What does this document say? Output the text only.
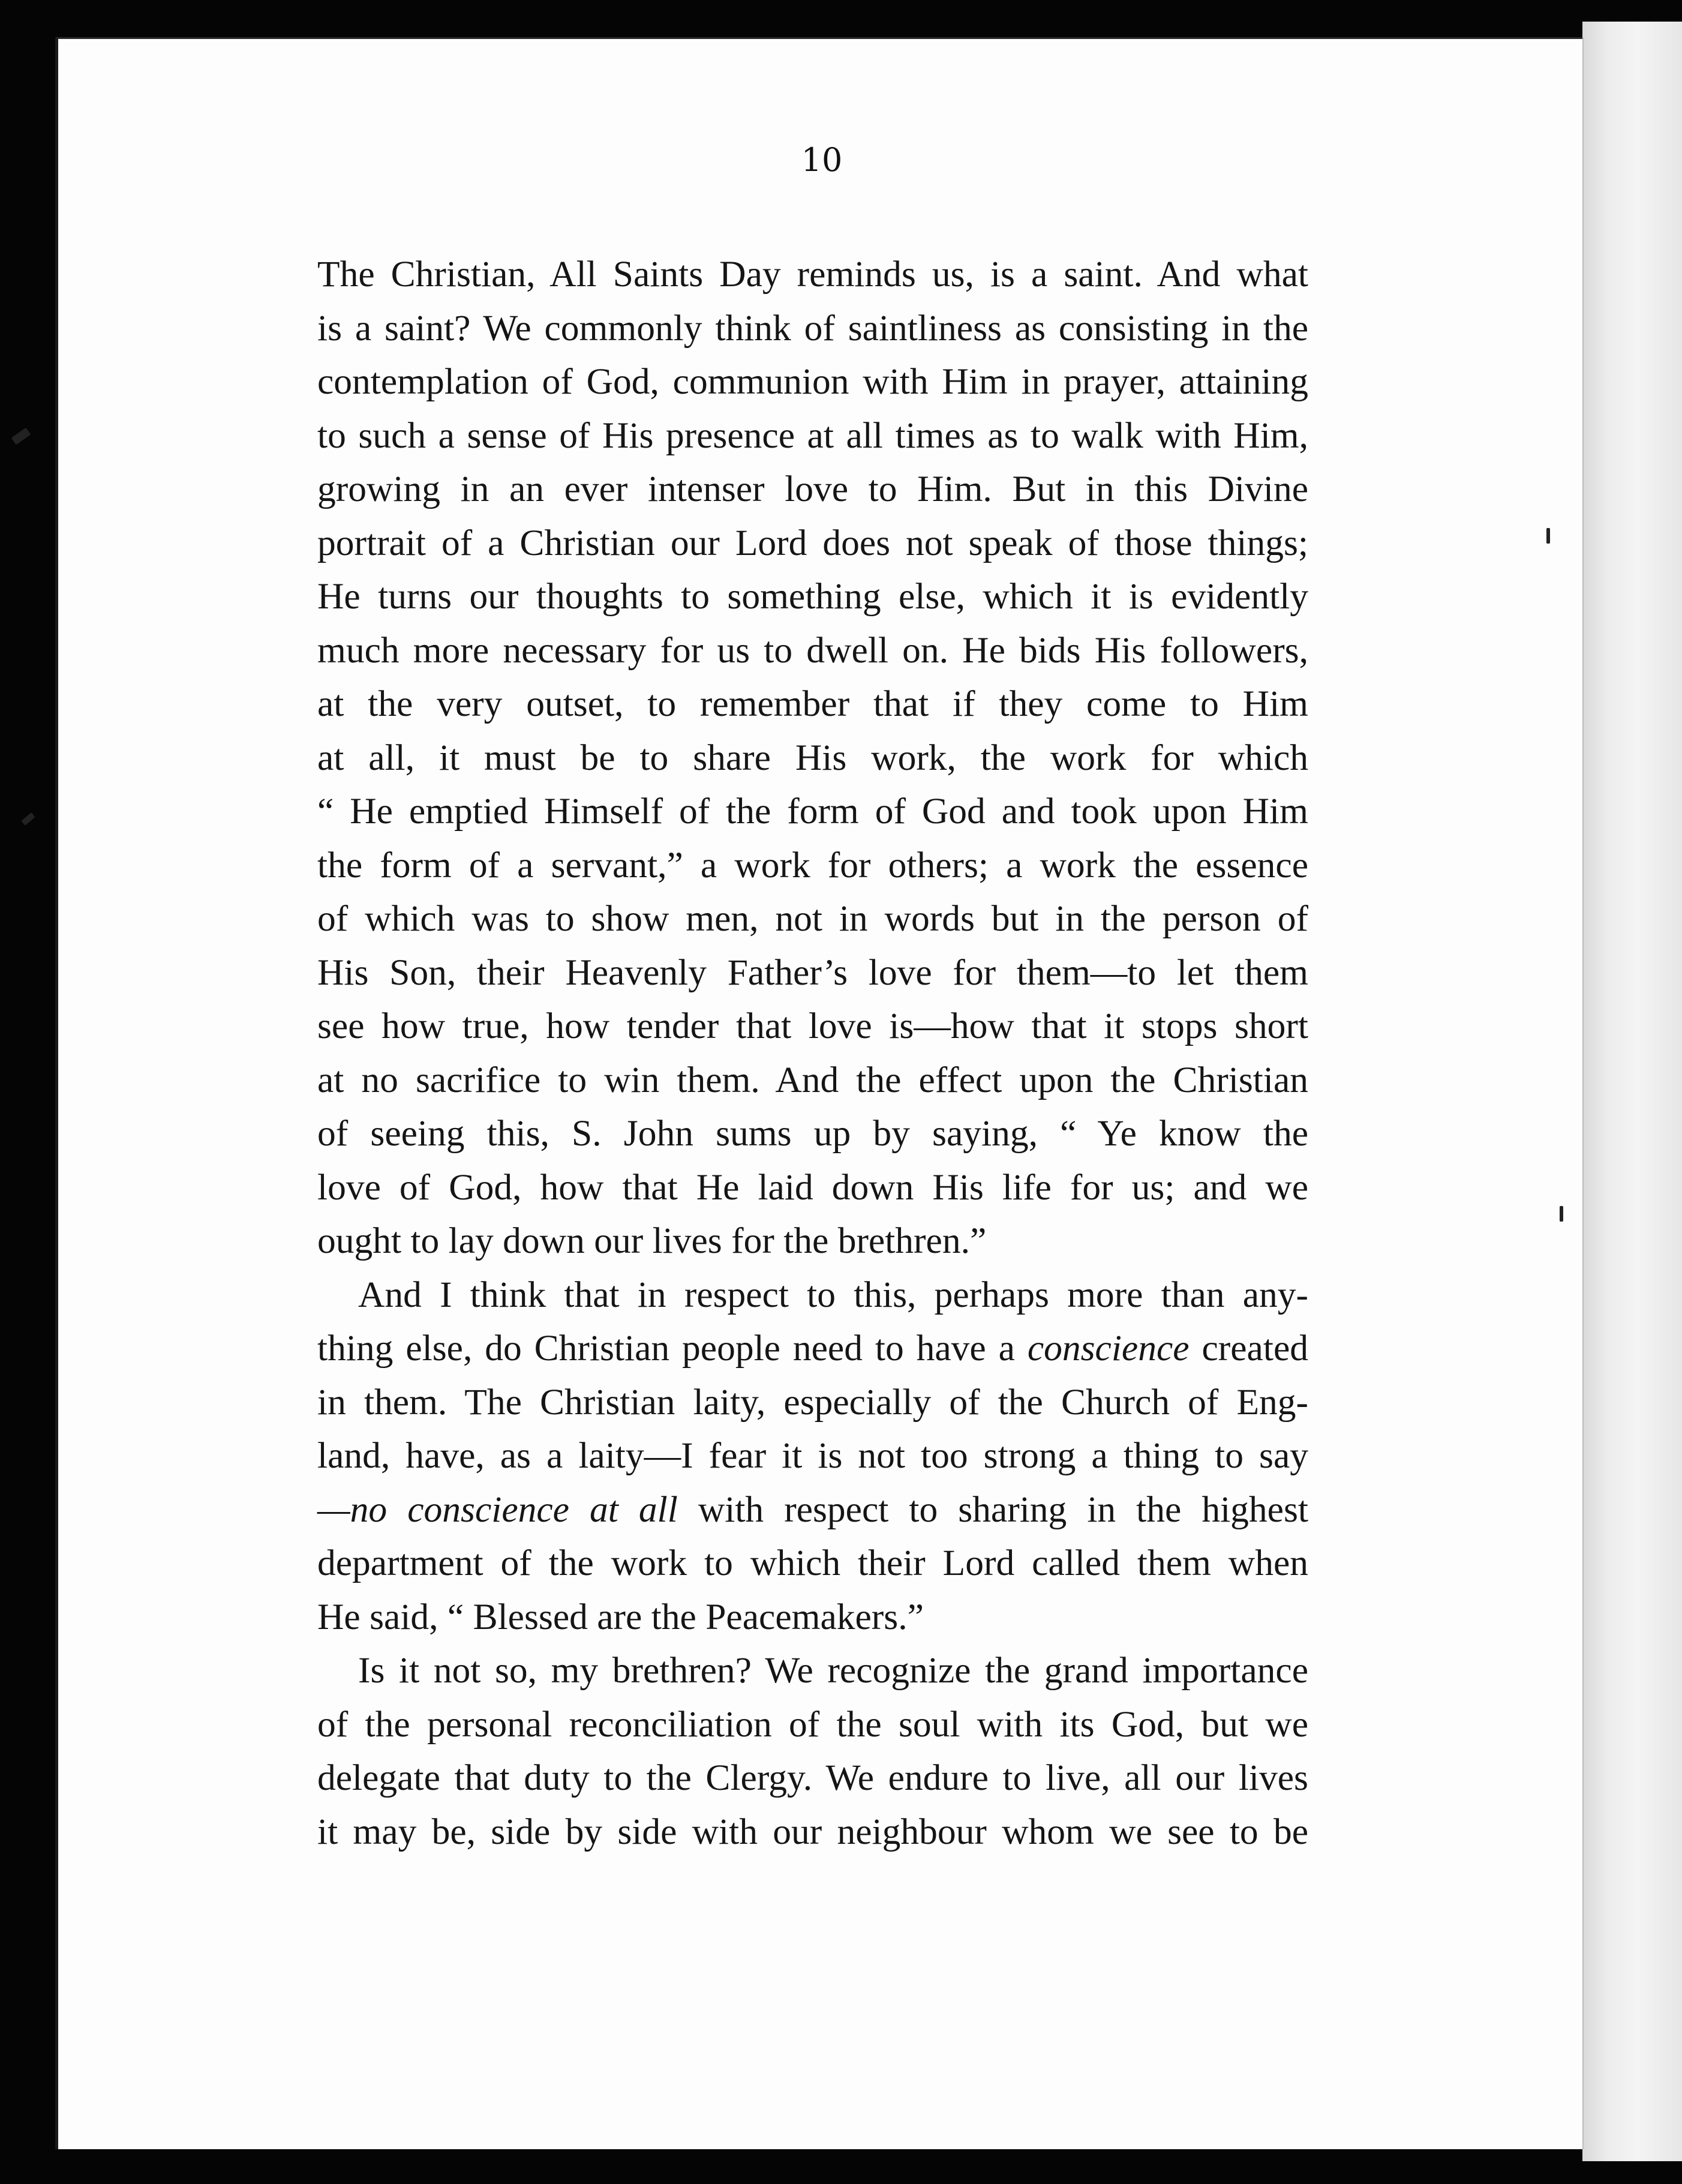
10

The Christian, All Saints Day reminds us, is a saint. And what
is a saint? We commonly think of saintliness as consisting in the
contemplation of God, communion with Him in prayer, attaining
to such a sense of His presence at all times as to walk with Him,
growing in an ever intenser love to Him. But in this Divine
portrait of a Christian our Lord does not speak of those things;
He turns our thoughts to something else, which it is evidently
much more necessary for us to dwell on. He bids His followers,
at the very outset, to remember that if they come to Him
at all, it must be to share His work, the work for which
“ He emptied Himself of the form of God and took upon Him
the form of a servant,” a work for others; a work the essence
of which was to show men, not in words but in the person of
His Son, their Heavenly Father’s love for them—to let them
see how true, how tender that love is—how that it stops short
at no sacrifice to win them. And the effect upon the Christian
of seeing this, S. John sums up by saying, “ Ye know the
love of God, how that He laid down His life for us; and we
ought to lay down our lives for the brethren.”

And I think that in respect to this, perhaps more than any-
thing else, do Christian people need to have a conscience created
in them. The Christian laity, especially of the Church of Eng-
land, have, as a laity—I fear it is not too strong a thing to say
—no conscience at all with respect to sharing in the highest
department of the work to which their Lord called them when
He said, “ Blessed are the Peacemakers.”

Is it not so, my brethren? We recognize the grand importance
of the personal reconciliation of the soul with its God, but we
delegate that duty to the Clergy. We endure to live, all our lives
it may be, side by side with our neighbour whom we see to be
